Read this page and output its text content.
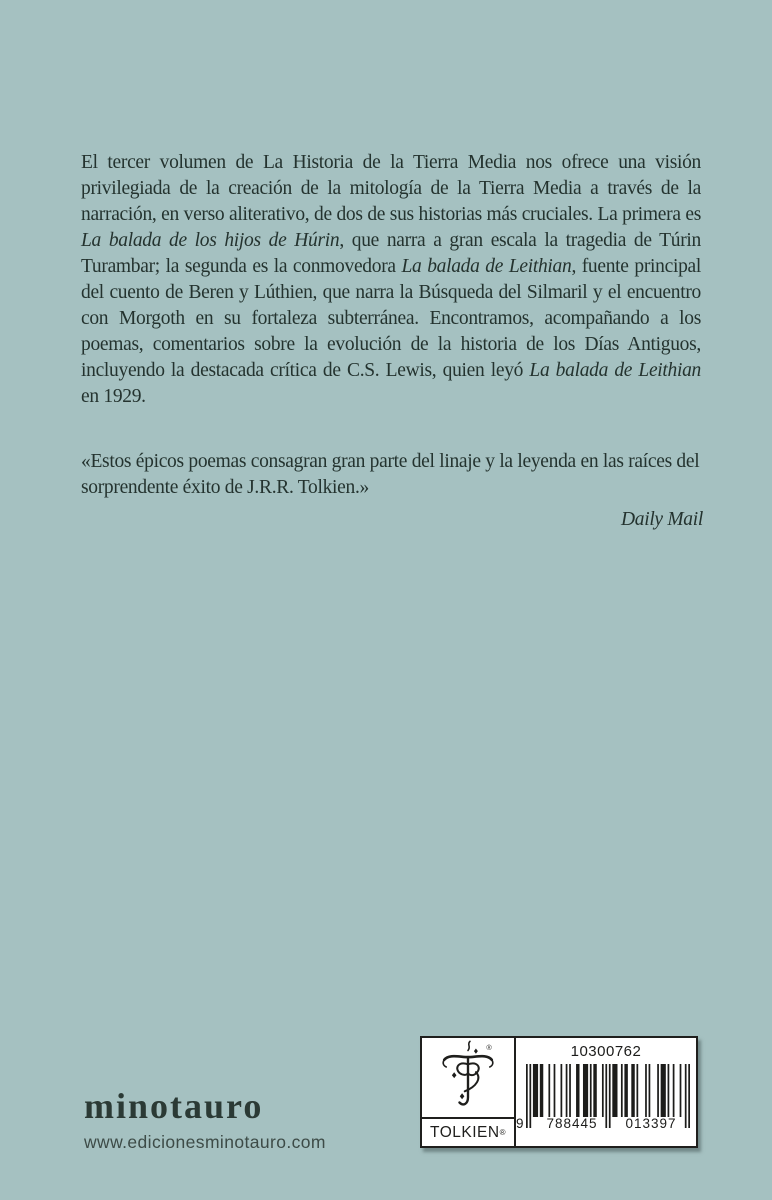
El tercer volumen de La Historia de la Tierra Media nos ofrece una visión privilegiada de la creación de la mitología de la Tierra Media a través de la narración, en verso aliterativo, de dos de sus historias más cruciales. La primera es La balada de los hijos de Húrin, que narra a gran escala la tragedia de Túrin Turambar; la segunda es la conmovedora La balada de Leithian, fuente principal del cuento de Beren y Lúthien, que narra la Búsqueda del Silmaril y el encuentro con Morgoth en su fortaleza subterránea. Encontramos, acompañando a los poemas, comentarios sobre la evolución de la historia de los Días Antiguos, incluyendo la destacada crítica de C.S. Lewis, quien leyó La balada de Leithian en 1929.

«Estos épicos poemas consagran gran parte del linaje y la leyenda en las raíces del sorprendente éxito de J.R.R. Tolkien.»
Daily Mail
minotauro
www.edicionesminotauro.com
®
TOLKIEN ®
10300762
9	788445	013397
